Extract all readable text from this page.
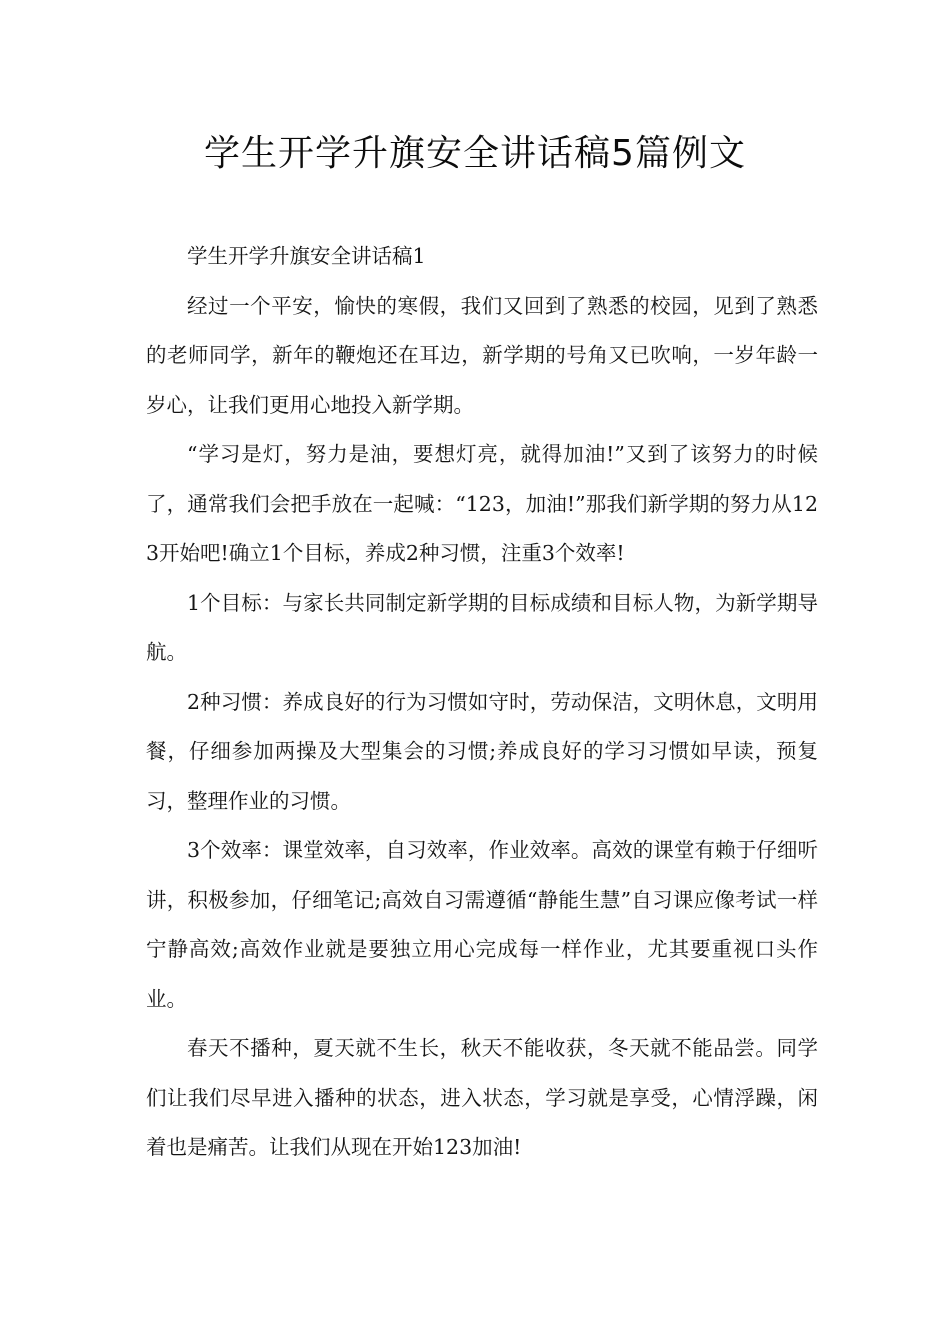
学生开学升旗安全讲话稿5篇例文

学生开学升旗安全讲话稿1

经过一个平安，愉快的寒假，我们又回到了熟悉的校园，见到了熟悉的老师同学，新年的鞭炮还在耳边，新学期的号角又已吹响，一岁年龄一岁心，让我们更用心地投入新学期。

“学习是灯，努力是油，要想灯亮，就得加油!”又到了该努力的时候了，通常我们会把手放在一起喊：“123，加油!”那我们新学期的努力从123开始吧!确立1个目标，养成2种习惯，注重3个效率!

1个目标：与家长共同制定新学期的目标成绩和目标人物，为新学期导航。

2种习惯：养成良好的行为习惯如守时，劳动保洁，文明休息，文明用餐，仔细参加两操及大型集会的习惯;养成良好的学习习惯如早读，预复习，整理作业的习惯。

3个效率：课堂效率，自习效率，作业效率。高效的课堂有赖于仔细听讲，积极参加，仔细笔记;高效自习需遵循“静能生慧”自习课应像考试一样宁静高效;高效作业就是要独立用心完成每一样作业，尤其要重视口头作业。

春天不播种，夏天就不生长，秋天不能收获，冬天就不能品尝。同学们让我们尽早进入播种的状态，进入状态，学习就是享受，心情浮躁，闲着也是痛苦。让我们从现在开始123加油!
